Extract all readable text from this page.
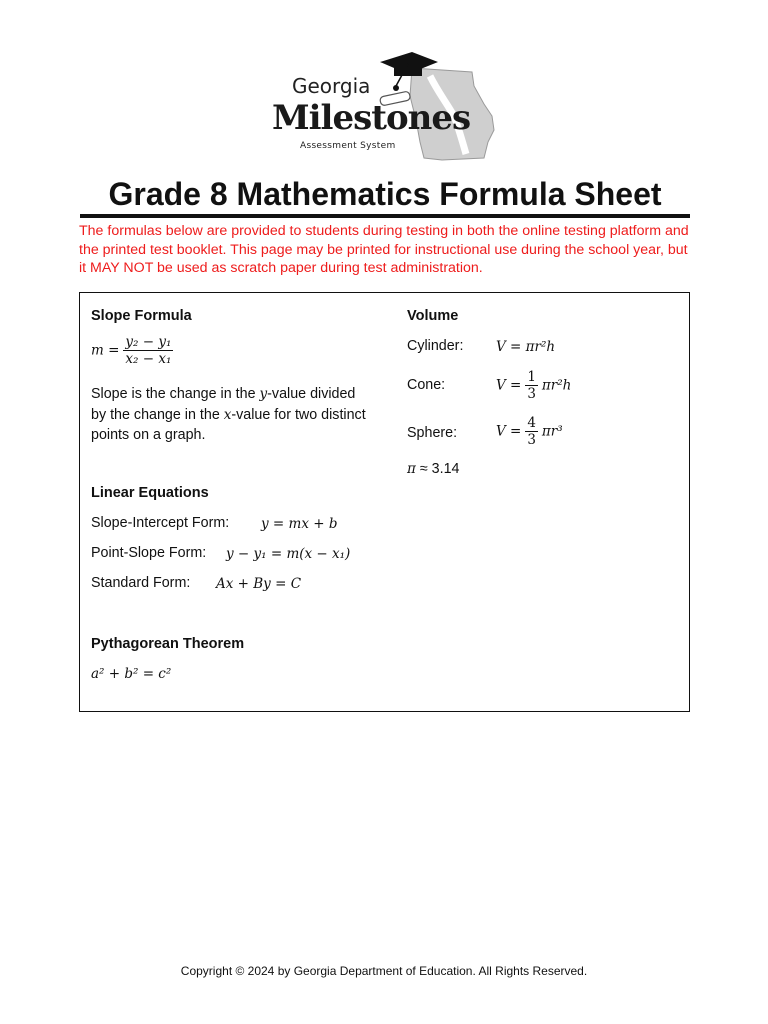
Georgia
Milestones
Assessment System
Grade 8 Mathematics Formula Sheet
The formulas below are provided to students during testing in both the online testing platform and the printed test booklet. This page may be printed for instructional use during the school year, but it MAY NOT be used as scratch paper during test administration.
Slope Formula
$m = \frac{\text{y₂ − y₁}}{\text{x₂ − x₁}}$
Slope is the change in the y-value divided by the change in the x-value for two distinct points on a graph.
Linear Equations
Slope-Intercept Form: y = mx + b
Point-Slope Form: y − y₁ = m(x − x₁)
Standard Form: Ax + By = C
Pythagorean Theorem
a² + b² = c²
Volume
Cylinder: V = πr²h
Cone:	$V = \frac{1}{3} \pi r^2h$
Sphere:	$V = \frac{4}{3} \pi r^3$
π ≈ 3.14
Copyright © 2024 by Georgia Department of Education. All Rights Reserved.
